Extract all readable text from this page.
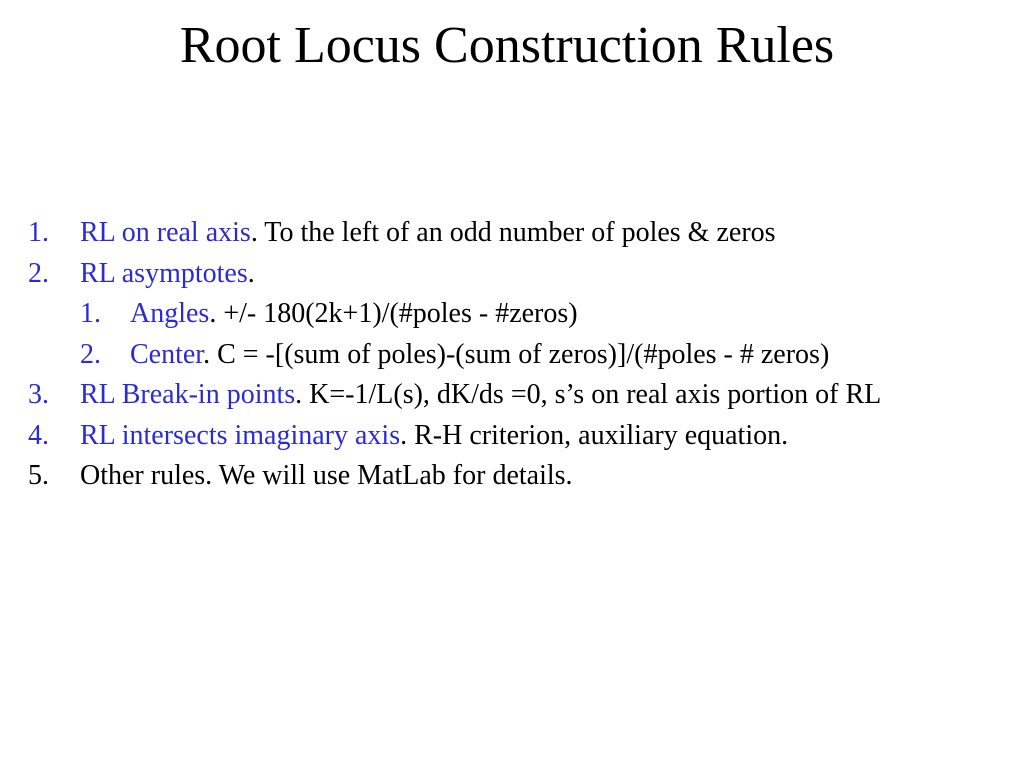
Root Locus Construction Rules
1. RL on real axis. To the left of an odd number of poles & zeros
2. RL asymptotes.
1. Angles. +/- 180(2k+1)/(#poles - #zeros)
2. Center. C = -[(sum of poles)-(sum of zeros)]/(#poles - # zeros)
3. RL Break-in points. K=-1/L(s), dK/ds =0, s’s on real axis portion of RL
4. RL intersects imaginary axis. R-H criterion, auxiliary equation.
5. Other rules. We will use MatLab for details.
